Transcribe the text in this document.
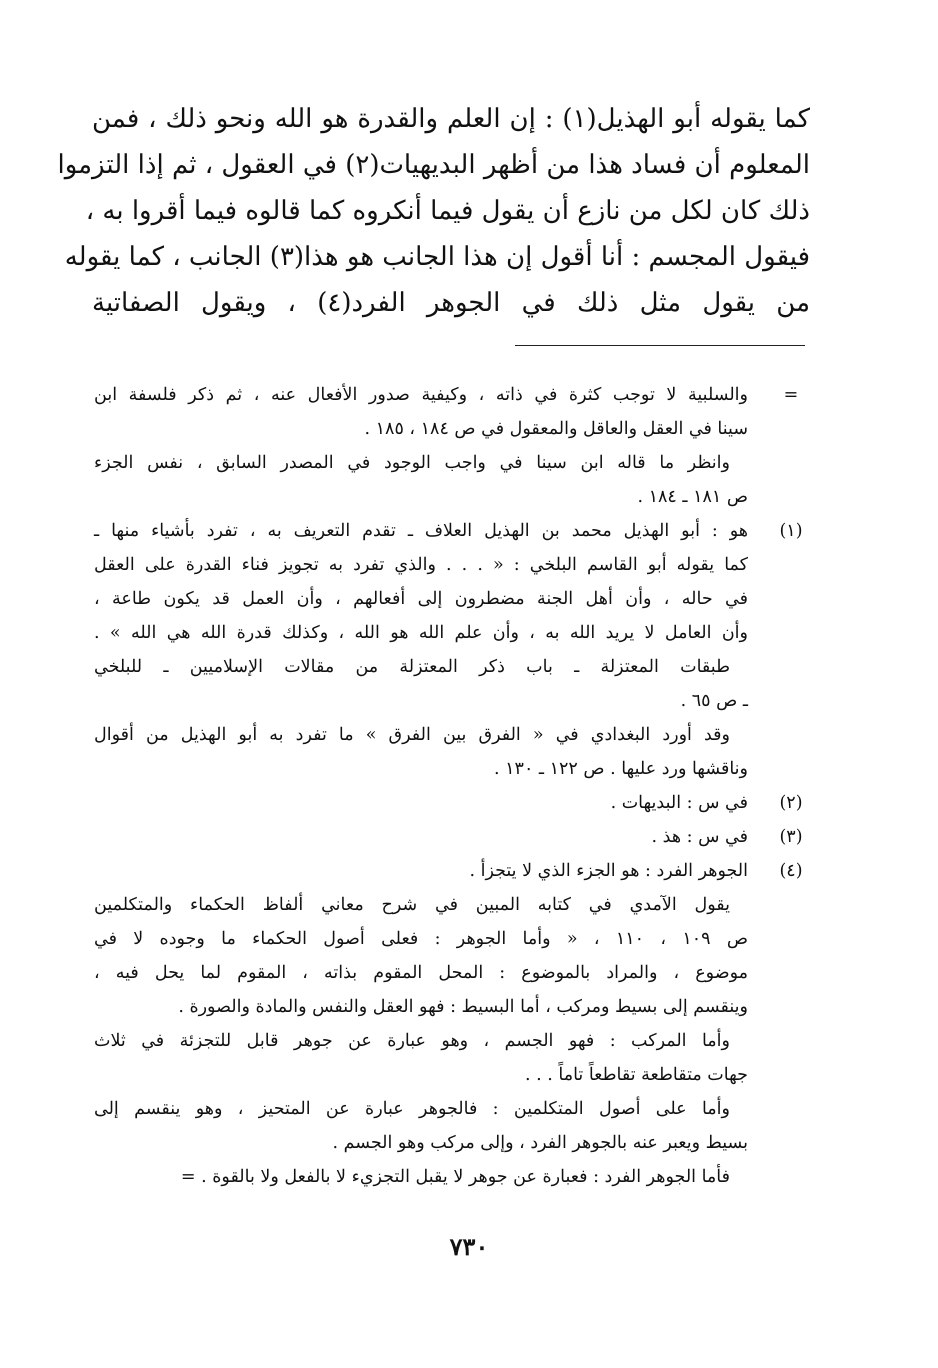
كما يقوله أبو الهذيل(١) : إن العلم والقدرة هو الله ونحو ذلك ، فمن
المعلوم أن فساد هذا من أظهر البديهيات(٢) في العقول ، ثم إذا التزموا
ذلك كان لكل من نازع أن يقول فيما أنكروه كما قالوه فيما أقروا به ،
فيقول المجسم : أنا أقول إن هذا الجانب هو هذا(٣) الجانب ، كما يقوله
من يقول مثل ذلك في الجوهر الفرد(٤) ، ويقول الصفاتية
=
والسلبية لا توجب كثرة في ذاته ، وكيفية صدور الأفعال عنه ، ثم ذكر فلسفة ابن
سينا في العقل والعاقل والمعقول في ص ١٨٤ ، ١٨٥ .
وانظر ما قاله ابن سينا في واجب الوجود في المصدر السابق ، نفس الجزء
ص ١٨١ ـ ١٨٤ .
(١)
هو : أبو الهذيل محمد بن الهذيل العلاف ـ تقدم التعريف به ، تفرد بأشياء منها ـ
كما يقوله أبو القاسم البلخي : « . . . والذي تفرد به تجويز فناء القدرة على العقل
في حاله ، وأن أهل الجنة مضطرون إلى أفعالهم ، وأن العمل قد يكون طاعة ،
وأن العامل لا يريد الله به ، وأن علم الله هو الله ، وكذلك قدرة الله هي الله » .
طبقات المعتزلة ـ باب ذكر المعتزلة من مقالات الإسلاميين ـ للبلخي
ـ ص ٦٥ .
وقد أورد البغدادي في « الفرق بين الفرق » ما تفرد به أبو الهذيل من أقوال
وناقشها ورد عليها . ص ١٢٢ ـ ١٣٠ .
(٢)
في س : البديهات .
(٣)
في س : هذ .
(٤)
الجوهر الفرد : هو الجزء الذي لا يتجزأ .
يقول الآمدي في كتابه المبين في شرح معاني ألفاظ الحكماء والمتكلمين
ص ١٠٩ ، ١١٠ ، « وأما الجوهر : فعلى أصول الحكماء ما وجوده لا في
موضوع ، والمراد بالموضوع : المحل المقوم بذاته ، المقوم لما يحل فيه ،
وينقسم إلى بسيط ومركب ، أما البسيط : فهو العقل والنفس والمادة والصورة .
وأما المركب : فهو الجسم ، وهو عبارة عن جوهر قابل للتجزئة في ثلاث
جهات متقاطعة تقاطعاً تاماً . . .
وأما على أصول المتكلمين : فالجوهر عبارة عن المتحيز ، وهو ينقسم إلى
بسيط ويعبر عنه بالجوهر الفرد ، وإلى مركب وهو الجسم .
فأما الجوهر الفرد : فعبارة عن جوهر لا يقبل التجزيء لا بالفعل ولا بالقوة . =
٧٣٠
